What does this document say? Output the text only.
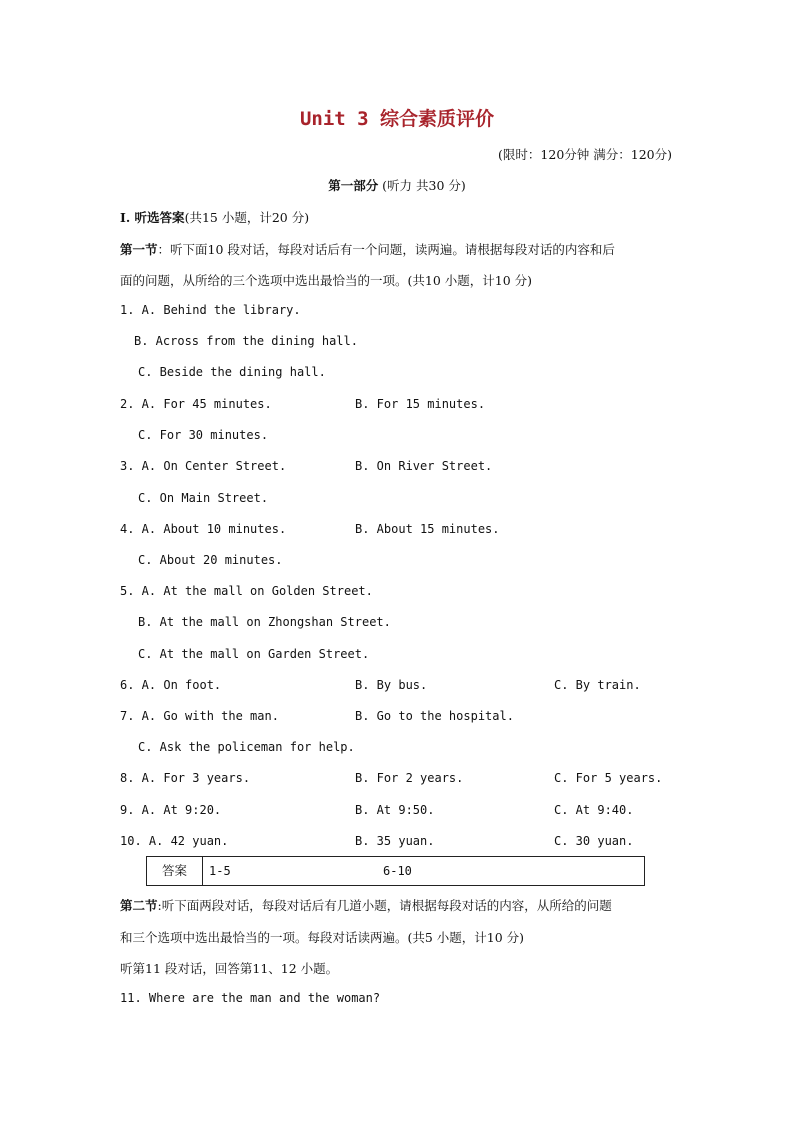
Unit 3 综合素质评价
(限时：120分钟 满分：120分)
第一部分 (听力 共30 分)
I. 听选答案(共15 小题，计20 分)
第一节：听下面10 段对话，每段对话后有一个问题，读两遍。请根据每段对话的内容和后
面的问题，从所给的三个选项中选出最恰当的一项。(共10 小题，计10 分)
1. A. Behind the library.
B. Across from the dining hall.
C. Beside the dining hall.
2. A. For 45 minutes.	B. For 15 minutes.
C. For 30 minutes.
3. A. On Center Street.	B. On River Street.
C. On Main Street.
4. A. About 10 minutes.	B. About 15 minutes.
C. About 20 minutes.
5. A. At the mall on Golden Street.
B. At the mall on Zhongshan Street.
C. At the mall on Garden Street.
6. A. On foot.	B. By bus.	C. By train.
7. A. Go with the man.	B. Go to the hospital.
C. Ask the policeman for help.
8. A. For 3 years.	B. For 2 years.	C. For 5 years.
9. A. At 9:20.	B. At 9:50.	C. At 9:40.
10. A. 42 yuan.	B. 35 yuan.	C. 30 yuan.
答案	1-5	6-10
第二节:听下面两段对话，每段对话后有几道小题，请根据每段对话的内容，从所给的问题
和三个选项中选出最恰当的一项。每段对话读两遍。(共5 小题，计10 分)
听第11 段对话，回答第11、12 小题。
11. Where are the man and the woman?
